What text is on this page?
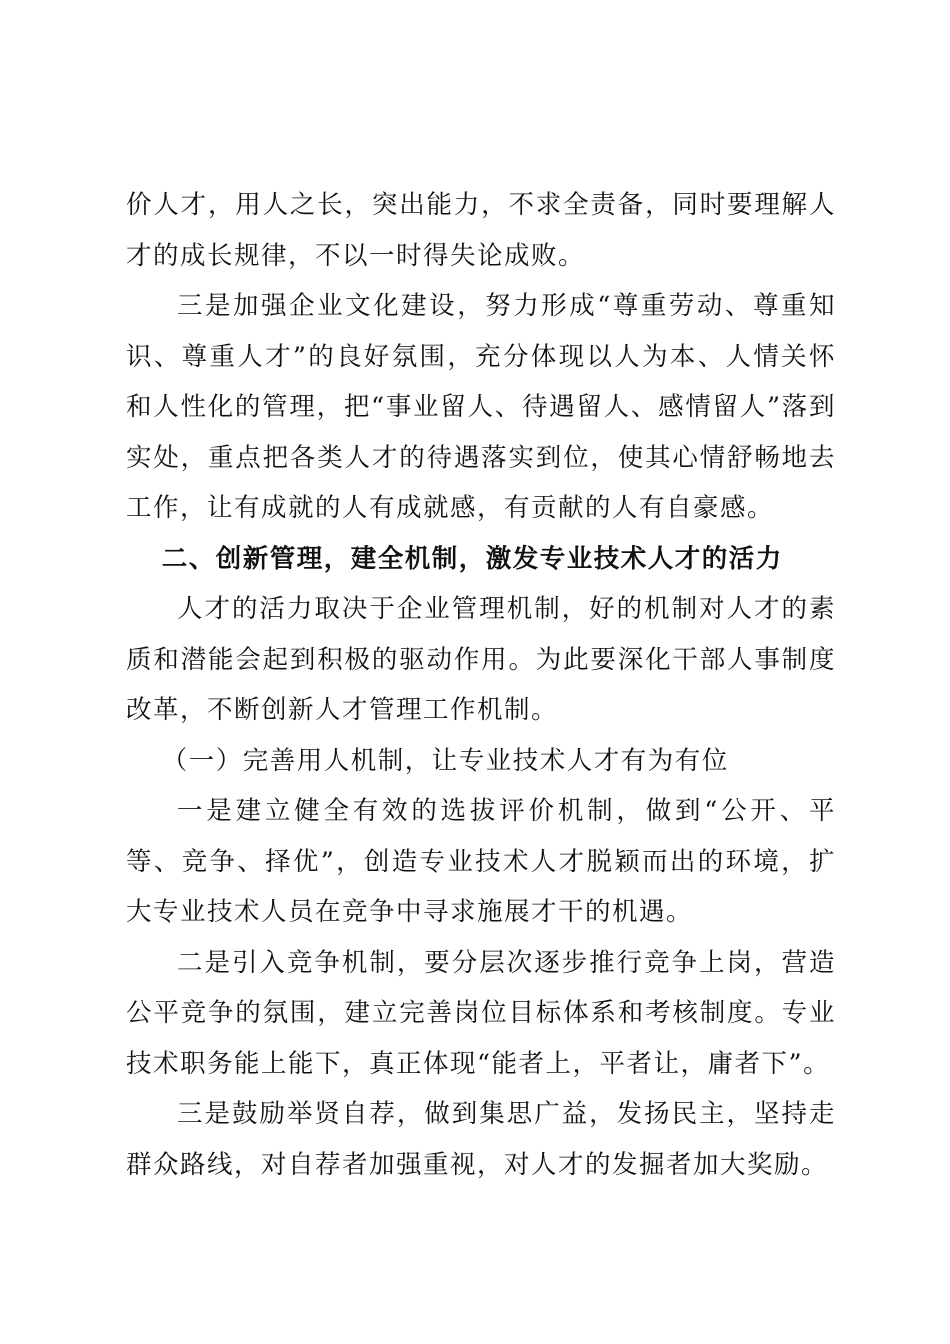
价人才，用人之长，突出能力，不求全责备，同时要理解人才的成长规律，不以一时得失论成败。

三是加强企业文化建设，努力形成“尊重劳动、尊重知识、尊重人才”的良好氛围，充分体现以人为本、人情关怀和人性化的管理，把“事业留人、待遇留人、感情留人”落到实处，重点把各类人才的待遇落实到位，使其心情舒畅地去工作，让有成就的人有成就感，有贡献的人有自豪感。

二、创新管理，建全机制，激发专业技术人才的活力

人才的活力取决于企业管理机制，好的机制对人才的素质和潜能会起到积极的驱动作用。为此要深化干部人事制度改革，不断创新人才管理工作机制。

（一）完善用人机制，让专业技术人才有为有位

一是建立健全有效的选拔评价机制，做到“公开、平等、竞争、择优”，创造专业技术人才脱颖而出的环境，扩大专业技术人员在竞争中寻求施展才干的机遇。

二是引入竞争机制，要分层次逐步推行竞争上岗，营造公平竞争的氛围，建立完善岗位目标体系和考核制度。专业技术职务能上能下，真正体现“能者上，平者让，庸者下”。

三是鼓励举贤自荐，做到集思广益，发扬民主，坚持走群众路线，对自荐者加强重视，对人才的发掘者加大奖励。
